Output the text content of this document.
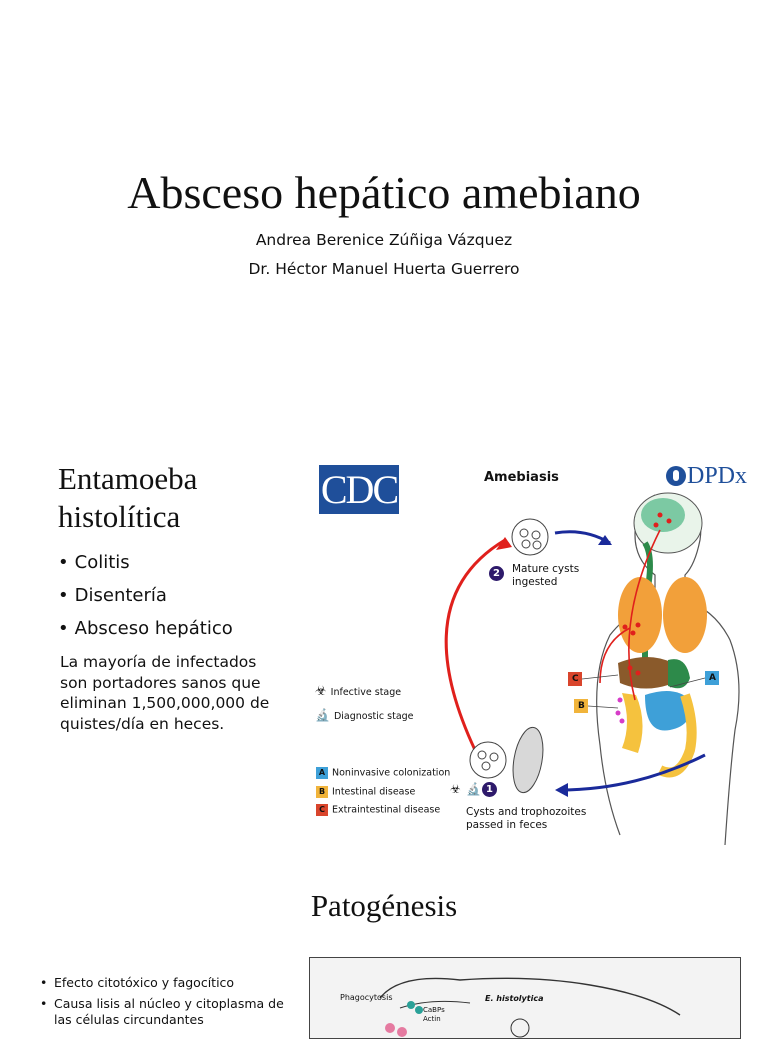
Absceso hepático amebiano
Andrea Berenice Zúñiga Vázquez
Dr. Héctor Manuel Huerta Guerrero
Entamoeba
histolítica
• Colitis
• Disentería
• Absceso hepático
La mayoría de infectados son portadores sanos que eliminan 1,500,000,000 de quistes/día en heces.
CDC	Amebiasis	DPDx
C
B
A
2	Mature cysts ingested
1
☣ 🔬
Cysts and trophozoites passed in feces
☣ Infective stage
🔬 Diagnostic stage
A Noninvasive colonization
B Intestinal disease
C Extraintestinal disease
Patogénesis
• Efecto citotóxico y fagocítico
• Causa lisis al núcleo y citoplasma de las células circundantes
Phagocytosis	E. histolytica
CaBPs
Actin
